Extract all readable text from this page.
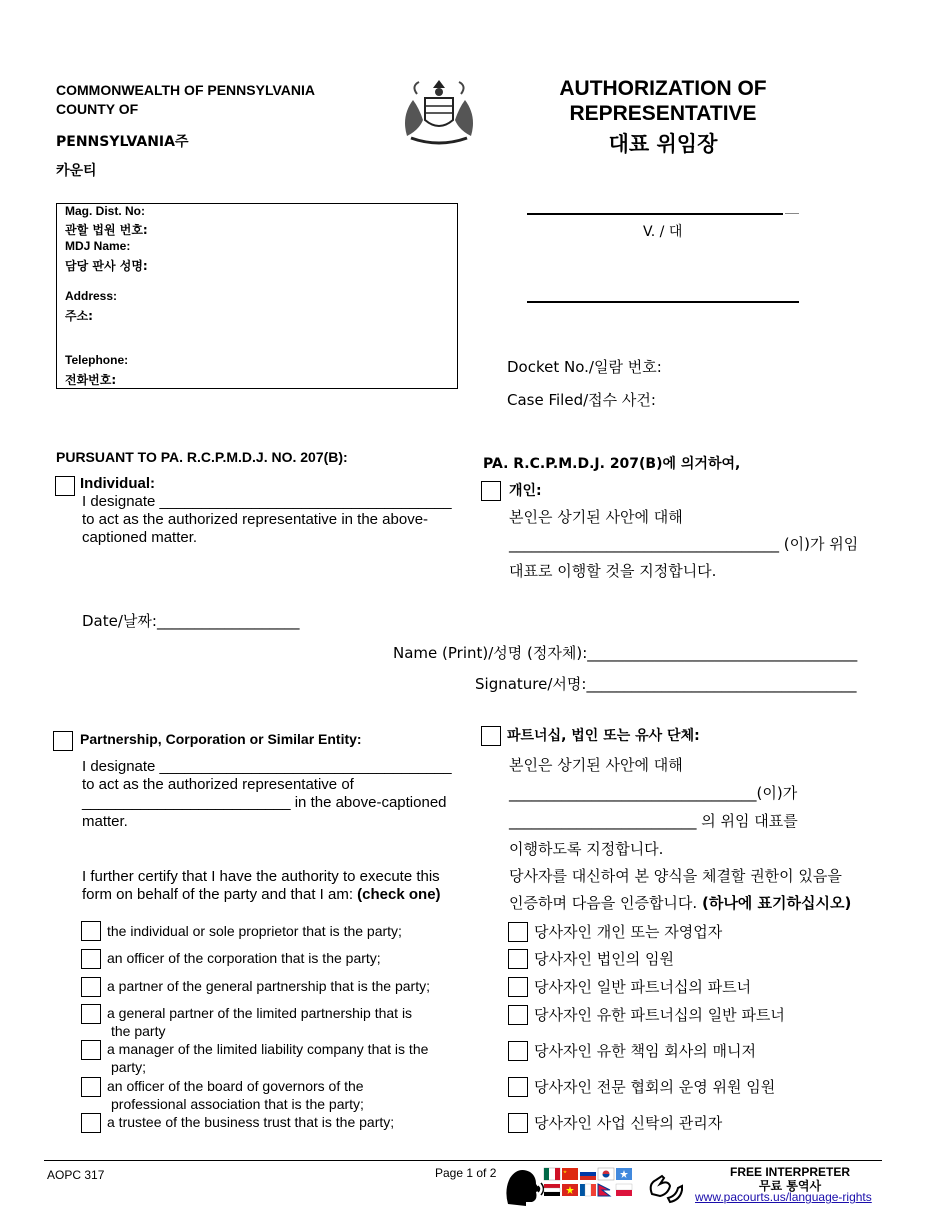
COMMONWEALTH OF PENNSYLVANIA
COUNTY OF
PENNSYLVANIA주
카운티
AUTHORIZATION OF
REPRESENTATIVE
대표 위임장
Mag. Dist. No:
관할 법원 번호:
MDJ Name:
담당 판사 성명:
Address:
주소:
Telephone:
전화번호:
V. / 대
Docket No./일람 번호:
Case Filed/접수 사건:
PURSUANT TO PA. R.C.P.M.D.J. NO. 207(B):	PA. R.C.P.M.D.J. 207(B)에 의거하여,
Individual:
I designate ___________________________________
to act as the authorized representative in the above-
captioned matter.
개인:
본인은 상기된 사안에 대해
____________________________________ (이)가 위임
대표로 이행할 것을 지정합니다.
Date/날짜:___________________
Name (Print)/성명 (정자체):____________________________________
Signature/서명:____________________________________
Partnership, Corporation or Similar Entity:
I designate ___________________________________
to act as the authorized representative of
_________________________ in the above-captioned
matter.
I further certify that I have the authority to execute this
form on behalf of the party and that I am: (check one)
파트너십, 법인 또는 유사 단체:
본인은 상기된 사안에 대해
_________________________________(이)가
_________________________ 의 위임 대표를
이행하도록 지정합니다.
당사자를 대신하여 본 양식을 체결할 권한이 있음을
인증하며 다음을 인증합니다. (하나에 표기하십시오)
the individual or sole proprietor that is the party;
an officer of the corporation that is the party;
a partner of the general partnership that is the party;
a general partner of the limited partnership that is
the party
a manager of the limited liability company that is the
party;
an officer of the board of governors of the
professional association that is the party;
a trustee of the business trust that is the party;
당사자인 개인 또는 자영업자
당사자인 법인의 임원
당사자인 일반 파트너십의 파트너
당사자인 유한 파트너십의 일반 파트너
당사자인 유한 책임 회사의 매니저
당사자인 전문 협회의 운영 위원 임원
당사자인 사업 신탁의 관리자
AOPC 317	Page 1 of 2	FREE INTERPRETER
무료 통역사
www.pacourts.us/language-rights
